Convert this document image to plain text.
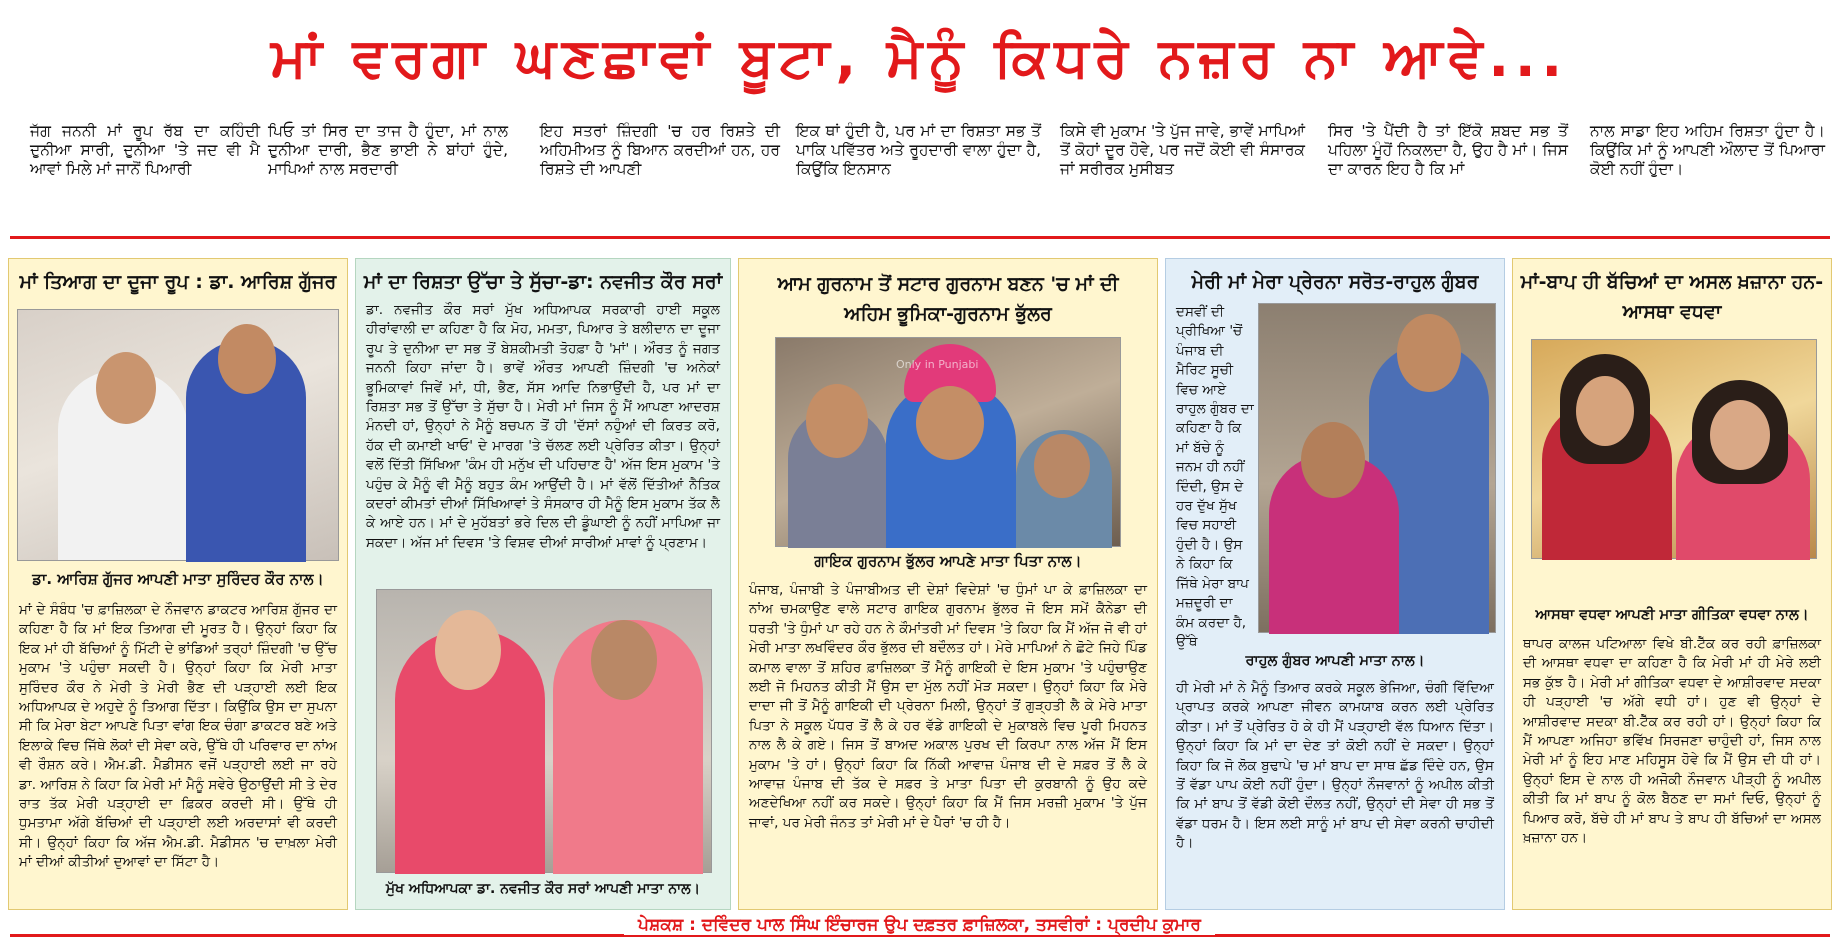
ਮਾਂ ਵਰਗਾ ਘਣਛਾਵਾਂ ਬੂਟਾ, ਮੈਨੂੰ ਕਿਧਰੇ ਨਜ਼ਰ ਨਾ ਆਵੇ...
ਜੱਗ ਜਨਨੀ ਮਾਂ ਰੂਪ ਰੱਬ ਦਾ ਕਹਿੰਦੀ ਦੁਨੀਆ ਸਾਰੀ, ਦੁਨੀਆ 'ਤੇ ਜਦ ਵੀ ਮੈ ਆਵਾਂ ਮਿਲੇ ਮਾਂ ਜਾਨੋਂ ਪਿਆਰੀ
ਪਿਓ ਤਾਂ ਸਿਰ ਦਾ ਤਾਜ ਹੈ ਹੁੰਦਾ, ਮਾਂ ਨਾਲ ਦੁਨੀਆ ਦਾਰੀ, ਭੈਣ ਭਾਈ ਨੇ ਬਾਂਹਾਂ ਹੁੰਦੇ, ਮਾਪਿਆਂ ਨਾਲ ਸਰਦਾਰੀ
ਇਹ ਸਤਰਾਂ ਜ਼ਿੰਦਗੀ 'ਚ ਹਰ ਰਿਸ਼ਤੇ ਦੀ ਅਹਿਮੀਅਤ ਨੂੰ ਬਿਆਨ ਕਰਦੀਆਂ ਹਨ, ਹਰ ਰਿਸ਼ਤੇ ਦੀ ਆਪਣੀ
ਇਕ ਥਾਂ ਹੁੰਦੀ ਹੈ, ਪਰ ਮਾਂ ਦਾ ਰਿਸ਼ਤਾ ਸਭ ਤੋਂ ਪਾਕਿ ਪਵਿੱਤਰ ਅਤੇ ਰੂਹਦਾਰੀ ਵਾਲਾ ਹੁੰਦਾ ਹੈ, ਕਿਉਂਕਿ ਇਨਸਾਨ
ਕਿਸੇ ਵੀ ਮੁਕਾਮ 'ਤੇ ਪੁੱਜ ਜਾਵੇ, ਭਾਵੇਂ ਮਾਪਿਆਂ ਤੋਂ ਕੋਹਾਂ ਦੂਰ ਹੋਵੇ, ਪਰ ਜਦੋਂ ਕੋਈ ਵੀ ਸੰਸਾਰਕ ਜਾਂ ਸਰੀਰਕ ਮੁਸੀਬਤ
ਸਿਰ 'ਤੇ ਪੈਂਦੀ ਹੈ ਤਾਂ ਇੱਕੋ ਸ਼ਬਦ ਸਭ ਤੋਂ ਪਹਿਲਾ ਮੂੰਹੋਂ ਨਿਕਲਦਾ ਹੈ, ਉਹ ਹੈ ਮਾਂ। ਜਿਸ ਦਾ ਕਾਰਨ ਇਹ ਹੈ ਕਿ ਮਾਂ
ਨਾਲ ਸਾਡਾ ਇਹ ਅਹਿਮ ਰਿਸ਼ਤਾ ਹੁੰਦਾ ਹੈ। ਕਿਉਂਕਿ ਮਾਂ ਨੂੰ ਆਪਣੀ ਔਲਾਦ ਤੋਂ ਪਿਆਰਾ ਕੋਈ ਨਹੀਂ ਹੁੰਦਾ।
ਮਾਂ ਤਿਆਗ ਦਾ ਦੂਜਾ ਰੂਪ : ਡਾ. ਆਰਿਸ਼ ਗੁੱਜਰ
ਡਾ. ਆਰਿਸ਼ ਗੁੱਜਰ ਆਪਣੀ ਮਾਤਾ ਸੁਰਿੰਦਰ ਕੌਰ ਨਾਲ।
ਮਾਂ ਦੇ ਸੰਬੰਧ 'ਚ ਫ਼ਾਜ਼ਿਲਕਾ ਦੇ ਨੌਜਵਾਨ ਡਾਕਟਰ ਆਰਿਸ਼ ਗੁੱਜਰ ਦਾ ਕਹਿਣਾ ਹੈ ਕਿ ਮਾਂ ਇਕ ਤਿਆਗ ਦੀ ਮੂਰਤ ਹੈ। ਉਨ੍ਹਾਂ ਕਿਹਾ ਕਿ ਇਕ ਮਾਂ ਹੀ ਬੱਚਿਆਂ ਨੂੰ ਮਿੱਟੀ ਦੇ ਭਾਂਡਿਆਂ ਤਰ੍ਹਾਂ ਜ਼ਿੰਦਗੀ 'ਚ ਉੱਚ ਮੁਕਾਮ 'ਤੇ ਪਹੁੰਚਾ ਸਕਦੀ ਹੈ। ਉਨ੍ਹਾਂ ਕਿਹਾ ਕਿ ਮੇਰੀ ਮਾਤਾ ਸੁਰਿੰਦਰ ਕੌਰ ਨੇ ਮੇਰੀ ਤੇ ਮੇਰੀ ਭੈਣ ਦੀ ਪੜ੍ਹਾਈ ਲਈ ਇਕ ਅਧਿਆਪਕ ਦੇ ਅਹੁਦੇ ਨੂੰ ਤਿਆਗ ਦਿੱਤਾ। ਕਿਉਂਕਿ ਉਸ ਦਾ ਸੁਪਨਾ ਸੀ ਕਿ ਮੇਰਾ ਬੇਟਾ ਆਪਣੇ ਪਿਤਾ ਵਾਂਗ ਇਕ ਚੰਗਾ ਡਾਕਟਰ ਬਣੇ ਅਤੇ ਇਲਾਕੇ ਵਿਚ ਜਿੱਥੇ ਲੋਕਾਂ ਦੀ ਸੇਵਾ ਕਰੇ, ਉੱਥੇ ਹੀ ਪਰਿਵਾਰ ਦਾ ਨਾਂਅ ਵੀ ਰੌਸ਼ਨ ਕਰੇ। ਐਮ.ਡੀ. ਮੈਡੀਸਨ ਵਜੋਂ ਪੜ੍ਹਾਈ ਲਈ ਜਾ ਰਹੇ ਡਾ. ਆਰਿਸ਼ ਨੇ ਕਿਹਾ ਕਿ ਮੇਰੀ ਮਾਂ ਮੈਨੂੰ ਸਵੇਰੇ ਉਠਾਉਂਦੀ ਸੀ ਤੇ ਦੇਰ ਰਾਤ ਤੱਕ ਮੇਰੀ ਪੜ੍ਹਾਈ ਦਾ ਫ਼ਿਕਰ ਕਰਦੀ ਸੀ। ਉੱਥੇ ਹੀ ਧੁਮਤਾਮਾ ਅੱਗੇ ਬੱਚਿਆਂ ਦੀ ਪੜ੍ਹਾਈ ਲਈ ਅਰਦਾਸਾਂ ਵੀ ਕਰਦੀ ਸੀ। ਉਨ੍ਹਾਂ ਕਿਹਾ ਕਿ ਅੱਜ ਐਮ.ਡੀ. ਮੈਡੀਸਨ 'ਚ ਦਾਖ਼ਲਾ ਮੇਰੀ ਮਾਂ ਦੀਆਂ ਕੀਤੀਆਂ ਦੁਆਵਾਂ ਦਾ ਸਿੱਟਾ ਹੈ।
ਮਾਂ ਦਾ ਰਿਸ਼ਤਾ ਉੱਚਾ ਤੇ ਸੁੱਚਾ-ਡਾ: ਨਵਜੀਤ ਕੌਰ ਸਰਾਂ
ਡਾ. ਨਵਜੀਤ ਕੌਰ ਸਰਾਂ ਮੁੱਖ ਅਧਿਆਪਕ ਸਰਕਾਰੀ ਹਾਈ ਸਕੂਲ ਹੀਰਾਂਵਾਲੀ ਦਾ ਕਹਿਣਾ ਹੈ ਕਿ ਮੋਹ, ਮਮਤਾ, ਪਿਆਰ ਤੇ ਬਲੀਦਾਨ ਦਾ ਦੂਜਾ ਰੂਪ ਤੇ ਦੁਨੀਆ ਦਾ ਸਭ ਤੋਂ ਬੇਸ਼ਕੀਮਤੀ ਤੋਹਫ਼ਾ ਹੈ 'ਮਾਂ'। ਔਰਤ ਨੂੰ ਜਗਤ ਜਨਨੀ ਕਿਹਾ ਜਾਂਦਾ ਹੈ। ਭਾਵੇਂ ਔਰਤ ਆਪਣੀ ਜ਼ਿੰਦਗੀ 'ਚ ਅਨੇਕਾਂ ਭੂਮਿਕਾਵਾਂ ਜਿਵੇਂ ਮਾਂ, ਧੀ, ਭੈਣ, ਸੱਸ ਆਦਿ ਨਿਭਾਉਂਦੀ ਹੈ, ਪਰ ਮਾਂ ਦਾ ਰਿਸ਼ਤਾ ਸਭ ਤੋਂ ਉੱਚਾ ਤੇ ਸੁੱਚਾ ਹੈ। ਮੇਰੀ ਮਾਂ ਜਿਸ ਨੂੰ ਮੈਂ ਆਪਣਾ ਆਦਰਸ਼ ਮੰਨਦੀ ਹਾਂ, ਉਨ੍ਹਾਂ ਨੇ ਮੈਨੂੰ ਬਚਪਨ ਤੋਂ ਹੀ 'ਦੱਸਾਂ ਨਹੁੰਆਂ ਦੀ ਕਿਰਤ ਕਰੋ, ਹੱਕ ਦੀ ਕਮਾਈ ਖਾਓ' ਦੇ ਮਾਰਗ 'ਤੇ ਚੱਲਣ ਲਈ ਪ੍ਰੇਰਿਤ ਕੀਤਾ। ਉਨ੍ਹਾਂ ਵਲੋਂ ਦਿੱਤੀ ਸਿੱਖਿਆ 'ਕੰਮ ਹੀ ਮਨੁੱਖ ਦੀ ਪਹਿਚਾਣ ਹੈ' ਅੱਜ ਇਸ ਮੁਕਾਮ 'ਤੇ ਪਹੁੰਚ ਕੇ ਮੈਨੂੰ ਵੀ ਮੈਨੂੰ ਬਹੁਤ ਕੰਮ ਆਉਂਦੀ ਹੈ। ਮਾਂ ਵੱਲੋਂ ਦਿੱਤੀਆਂ ਨੈਤਿਕ ਕਦਰਾਂ ਕੀਮਤਾਂ ਦੀਆਂ ਸਿੱਖਿਆਵਾਂ ਤੇ ਸੰਸਕਾਰ ਹੀ ਮੈਨੂੰ ਇਸ ਮੁਕਾਮ ਤੱਕ ਲੈ ਕੇ ਆਏ ਹਨ। ਮਾਂ ਦੇ ਮੁਹੱਬਤਾਂ ਭਰੇ ਦਿਲ ਦੀ ਡੂੰਘਾਈ ਨੂੰ ਨਹੀਂ ਮਾਪਿਆ ਜਾ ਸਕਦਾ। ਅੱਜ ਮਾਂ ਦਿਵਸ 'ਤੇ ਵਿਸ਼ਵ ਦੀਆਂ ਸਾਰੀਆਂ ਮਾਵਾਂ ਨੂੰ ਪ੍ਰਣਾਮ।
ਮੁੱਖ ਅਧਿਆਪਕਾ ਡਾ. ਨਵਜੀਤ ਕੌਰ ਸਰਾਂ ਆਪਣੀ ਮਾਤਾ ਨਾਲ।
ਆਮ ਗੁਰਨਾਮ ਤੋਂ ਸਟਾਰ ਗੁਰਨਾਮ ਬਣਨ 'ਚ ਮਾਂ ਦੀ ਅਹਿਮ ਭੂਮਿਕਾ-ਗੁਰਨਾਮ ਭੁੱਲਰ
Only in Punjabi
ਗਾਇਕ ਗੁਰਨਾਮ ਭੁੱਲਰ ਆਪਣੇ ਮਾਤਾ ਪਿਤਾ ਨਾਲ।
ਪੰਜਾਬ, ਪੰਜਾਬੀ ਤੇ ਪੰਜਾਬੀਅਤ ਦੀ ਦੇਸ਼ਾਂ ਵਿਦੇਸ਼ਾਂ 'ਚ ਧੁੰਮਾਂ ਪਾ ਕੇ ਫ਼ਾਜ਼ਿਲਕਾ ਦਾ ਨਾਂਅ ਚਮਕਾਉਣ ਵਾਲੇ ਸਟਾਰ ਗਾਇਕ ਗੁਰਨਾਮ ਭੁੱਲਰ ਜੋ ਇਸ ਸਮੇਂ ਕੈਨੇਡਾ ਦੀ ਧਰਤੀ 'ਤੇ ਧੁੰਮਾਂ ਪਾ ਰਹੇ ਹਨ ਨੇ ਕੌਮਾਂਤਰੀ ਮਾਂ ਦਿਵਸ 'ਤੇ ਕਿਹਾ ਕਿ ਮੈਂ ਅੱਜ ਜੋ ਵੀ ਹਾਂ ਮੇਰੀ ਮਾਤਾ ਲਖਵਿੰਦਰ ਕੌਰ ਭੁੱਲਰ ਦੀ ਬਦੌਲਤ ਹਾਂ। ਮੇਰੇ ਮਾਪਿਆਂ ਨੇ ਛੋਟੇ ਜਿਹੇ ਪਿੰਡ ਕਮਾਲ ਵਾਲਾ ਤੋਂ ਸ਼ਹਿਰ ਫ਼ਾਜ਼ਿਲਕਾ ਤੋਂ ਮੈਨੂੰ ਗਾਇਕੀ ਦੇ ਇਸ ਮੁਕਾਮ 'ਤੇ ਪਹੁੰਚਾਉਣ ਲਈ ਜੋ ਮਿਹਨਤ ਕੀਤੀ ਮੈਂ ਉਸ ਦਾ ਮੁੱਲ ਨਹੀਂ ਮੋੜ ਸਕਦਾ। ਉਨ੍ਹਾਂ ਕਿਹਾ ਕਿ ਮੇਰੇ ਦਾਦਾ ਜੀ ਤੋਂ ਮੈਨੂੰ ਗਾਇਕੀ ਦੀ ਪ੍ਰੇਰਨਾ ਮਿਲੀ, ਉਨ੍ਹਾਂ ਤੋਂ ਗੁੜ੍ਹਤੀ ਲੈ ਕੇ ਮੇਰੇ ਮਾਤਾ ਪਿਤਾ ਨੇ ਸਕੂਲ ਪੱਧਰ ਤੋਂ ਲੈ ਕੇ ਹਰ ਵੱਡੇ ਗਾਇਕੀ ਦੇ ਮੁਕਾਬਲੇ ਵਿਚ ਪੂਰੀ ਮਿਹਨਤ ਨਾਲ ਲੈ ਕੇ ਗਏ। ਜਿਸ ਤੋਂ ਬਾਅਦ ਅਕਾਲ ਪੁਰਖ ਦੀ ਕਿਰਪਾ ਨਾਲ ਅੱਜ ਮੈਂ ਇਸ ਮੁਕਾਮ 'ਤੇ ਹਾਂ। ਉਨ੍ਹਾਂ ਕਿਹਾ ਕਿ ਨਿੱਕੀ ਆਵਾਜ਼ ਪੰਜਾਬ ਦੀ ਦੇ ਸਫ਼ਰ ਤੋਂ ਲੈ ਕੇ ਆਵਾਜ਼ ਪੰਜਾਬ ਦੀ ਤੱਕ ਦੇ ਸਫ਼ਰ ਤੇ ਮਾਤਾ ਪਿਤਾ ਦੀ ਕੁਰਬਾਨੀ ਨੂੰ ਉਹ ਕਦੇ ਅਣਦੇਖਿਆ ਨਹੀਂ ਕਰ ਸਕਦੇ। ਉਨ੍ਹਾਂ ਕਿਹਾ ਕਿ ਮੈਂ ਜਿਸ ਮਰਜ਼ੀ ਮੁਕਾਮ 'ਤੇ ਪੁੱਜ ਜਾਵਾਂ, ਪਰ ਮੇਰੀ ਜੰਨਤ ਤਾਂ ਮੇਰੀ ਮਾਂ ਦੇ ਪੈਰਾਂ 'ਚ ਹੀ ਹੈ।
ਮੇਰੀ ਮਾਂ ਮੇਰਾ ਪ੍ਰੇਰਨਾ ਸਰੋਤ-ਰਾਹੁਲ ਗੁੰਬਰ
ਦਸਵੀਂ ਦੀ ਪ੍ਰੀਖਿਆ 'ਚੋਂ ਪੰਜਾਬ ਦੀ ਮੈਰਿਟ ਸੂਚੀ ਵਿਚ ਆਏ ਰਾਹੁਲ ਗੁੰਬਰ ਦਾ ਕਹਿਣਾ ਹੈ ਕਿ ਮਾਂ ਬੱਚੇ ਨੂੰ ਜਨਮ ਹੀ ਨਹੀਂ ਦਿੰਦੀ, ਉਸ ਦੇ ਹਰ ਦੁੱਖ ਸੁੱਖ ਵਿਚ ਸਹਾਈ ਹੁੰਦੀ ਹੈ। ਉਸ ਨੇ ਕਿਹਾ ਕਿ ਜਿੱਥੇ ਮੇਰਾ ਬਾਪ ਮਜ਼ਦੂਰੀ ਦਾ ਕੰਮ ਕਰਦਾ ਹੈ, ਉੱਥੇ
ਰਾਹੁਲ ਗੁੰਬਰ ਆਪਣੀ ਮਾਤਾ ਨਾਲ।
ਹੀ ਮੇਰੀ ਮਾਂ ਨੇ ਮੈਨੂੰ ਤਿਆਰ ਕਰਕੇ ਸਕੂਲ ਭੇਜਿਆ, ਚੰਗੀ ਵਿੱਦਿਆ ਪ੍ਰਾਪਤ ਕਰਕੇ ਆਪਣਾ ਜੀਵਨ ਕਾਮਯਾਬ ਕਰਨ ਲਈ ਪ੍ਰੇਰਿਤ ਕੀਤਾ। ਮਾਂ ਤੋਂ ਪ੍ਰੇਰਿਤ ਹੋ ਕੇ ਹੀ ਮੈਂ ਪੜ੍ਹਾਈ ਵੱਲ ਧਿਆਨ ਦਿੱਤਾ। ਉਨ੍ਹਾਂ ਕਿਹਾ ਕਿ ਮਾਂ ਦਾ ਦੇਣ ਤਾਂ ਕੋਈ ਨਹੀਂ ਦੇ ਸਕਦਾ। ਉਨ੍ਹਾਂ ਕਿਹਾ ਕਿ ਜੋ ਲੋਕ ਬੁਢਾਪੇ 'ਚ ਮਾਂ ਬਾਪ ਦਾ ਸਾਥ ਛੱਡ ਦਿੰਦੇ ਹਨ, ਉਸ ਤੋਂ ਵੱਡਾ ਪਾਪ ਕੋਈ ਨਹੀਂ ਹੁੰਦਾ। ਉਨ੍ਹਾਂ ਨੌਜਵਾਨਾਂ ਨੂੰ ਅਪੀਲ ਕੀਤੀ ਕਿ ਮਾਂ ਬਾਪ ਤੋਂ ਵੱਡੀ ਕੋਈ ਦੌਲਤ ਨਹੀਂ, ਉਨ੍ਹਾਂ ਦੀ ਸੇਵਾ ਹੀ ਸਭ ਤੋਂ ਵੱਡਾ ਧਰਮ ਹੈ। ਇਸ ਲਈ ਸਾਨੂੰ ਮਾਂ ਬਾਪ ਦੀ ਸੇਵਾ ਕਰਨੀ ਚਾਹੀਦੀ ਹੈ।
ਮਾਂ-ਬਾਪ ਹੀ ਬੱਚਿਆਂ ਦਾ ਅਸਲ ਖ਼ਜ਼ਾਨਾ ਹਨ-ਆਸਥਾ ਵਧਵਾ
ਆਸਥਾ ਵਧਵਾ ਆਪਣੀ ਮਾਤਾ ਗੀਤਿਕਾ ਵਧਵਾ ਨਾਲ।
ਥਾਪਰ ਕਾਲਜ ਪਟਿਆਲਾ ਵਿਖੇ ਬੀ.ਟੈੱਕ ਕਰ ਰਹੀ ਫ਼ਾਜ਼ਿਲਕਾ ਦੀ ਆਸਥਾ ਵਧਵਾ ਦਾ ਕਹਿਣਾ ਹੈ ਕਿ ਮੇਰੀ ਮਾਂ ਹੀ ਮੇਰੇ ਲਈ ਸਭ ਕੁੱਝ ਹੈ। ਮੇਰੀ ਮਾਂ ਗੀਤਿਕਾ ਵਧਵਾ ਦੇ ਆਸ਼ੀਰਵਾਦ ਸਦਕਾ ਹੀ ਪੜ੍ਹਾਈ 'ਚ ਅੱਗੇ ਵਧੀ ਹਾਂ। ਹੁਣ ਵੀ ਉਨ੍ਹਾਂ ਦੇ ਆਸ਼ੀਰਵਾਦ ਸਦਕਾ ਬੀ.ਟੈੱਕ ਕਰ ਰਹੀ ਹਾਂ। ਉਨ੍ਹਾਂ ਕਿਹਾ ਕਿ ਮੈਂ ਆਪਣਾ ਅਜਿਹਾ ਭਵਿੱਖ ਸਿਰਜਣਾ ਚਾਹੁੰਦੀ ਹਾਂ, ਜਿਸ ਨਾਲ ਮੇਰੀ ਮਾਂ ਨੂੰ ਇਹ ਮਾਣ ਮਹਿਸੂਸ ਹੋਵੇ ਕਿ ਮੈਂ ਉਸ ਦੀ ਧੀ ਹਾਂ। ਉਨ੍ਹਾਂ ਇਸ ਦੇ ਨਾਲ ਹੀ ਅਜੋਕੀ ਨੌਜਵਾਨ ਪੀੜ੍ਹੀ ਨੂੰ ਅਪੀਲ ਕੀਤੀ ਕਿ ਮਾਂ ਬਾਪ ਨੂੰ ਕੋਲ ਬੈਠਣ ਦਾ ਸਮਾਂ ਦਿਓ, ਉਨ੍ਹਾਂ ਨੂੰ ਪਿਆਰ ਕਰੋ, ਬੱਚੇ ਹੀ ਮਾਂ ਬਾਪ ਤੇ ਬਾਪ ਹੀ ਬੱਚਿਆਂ ਦਾ ਅਸਲ ਖ਼ਜ਼ਾਨਾ ਹਨ।
ਪੇਸ਼ਕਸ਼ : ਦਵਿੰਦਰ ਪਾਲ ਸਿੰਘ ਇੰਚਾਰਜ ਉਪ ਦਫ਼ਤਰ ਫ਼ਾਜ਼ਿਲਕਾ, ਤਸਵੀਰਾਂ : ਪ੍ਰਦੀਪ ਕੁਮਾਰ
